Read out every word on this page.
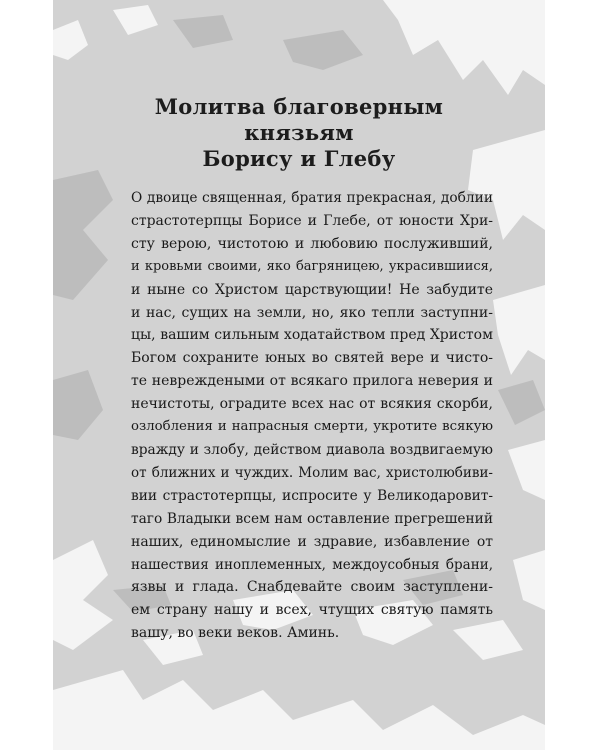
Молитва благоверным
князьям
Борису и Глебу
О двоице священная, братия прекрасная, доблии
страстотерпцы Борисе и Глебе, от юности Хри-
сту верою, чистотою и любовию послуживший,
и кровьми своими, яко багряницею, украсившиися,
и ныне со Христом царствующии! Не забудите
и нас, сущих на земли, но, яко тепли заступни-
цы, вашим сильным ходатайством пред Христом
Богом сохраните юных во святей вере и чисто-
те невреждеными от всякаго прилога неверия и
нечистоты, оградите всех нас от всякия скорби,
озлобления и напрасныя смерти, укротите всякую
вражду и злобу, действом диавола воздвигаемую
от ближних и чуждих. Молим вас, христолюбиви-
вии страстотерпцы, испросите у Великодаровит-
таго Владыки всем нам оставление прегрешений
наших, единомыслие и здравие, избавление от
нашествия иноплеменных, междоусобныя брани,
язвы и глада. Снабдевайте своим заступлени-
ем страну нашу и всех, чтущих святую память
вашу, во веки веков. Аминь.
